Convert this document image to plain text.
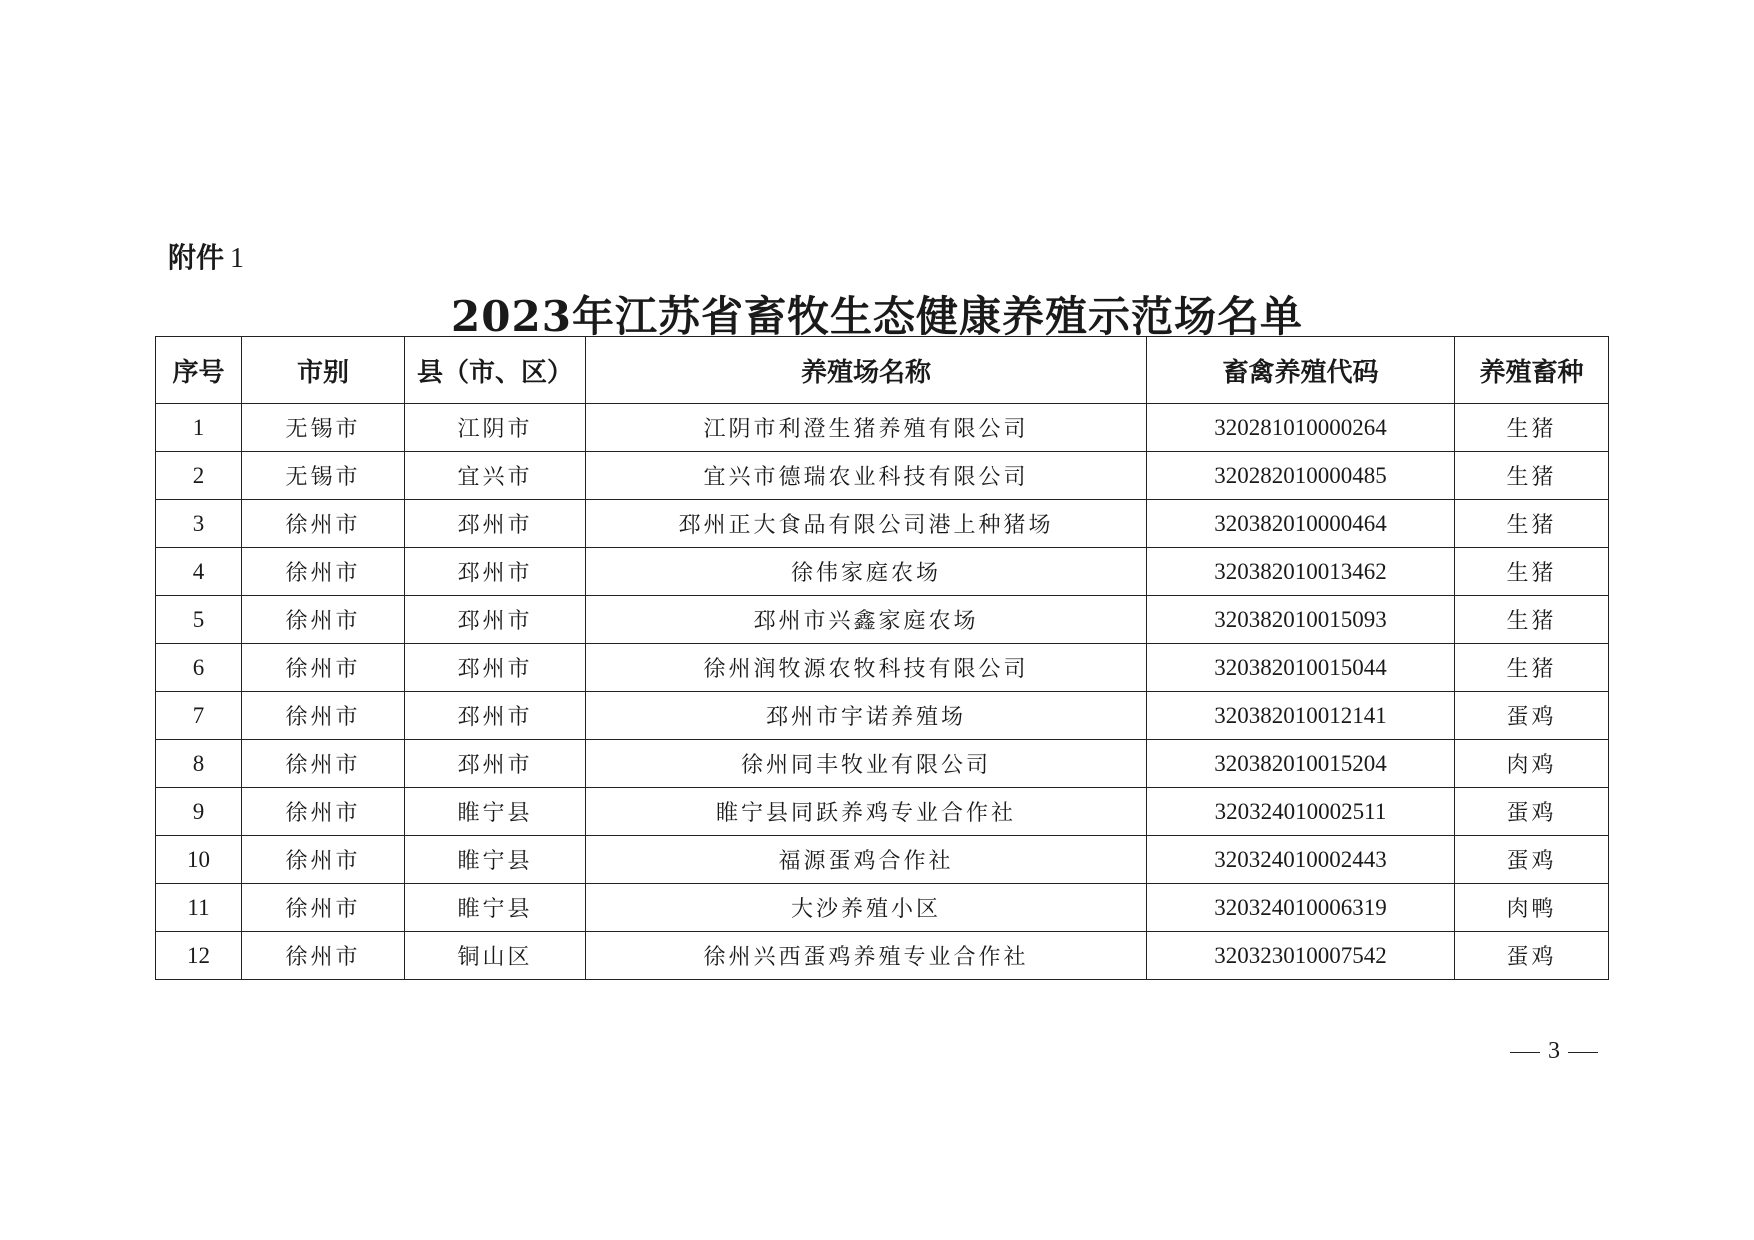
附件 1
2023年江苏省畜牧生态健康养殖示范场名单
序号	市别	县（市、区）	养殖场名称	畜禽养殖代码	养殖畜种
1	无锡市	江阴市	江阴市利澄生猪养殖有限公司	320281010000264	生猪
2	无锡市	宜兴市	宜兴市德瑞农业科技有限公司	320282010000485	生猪
3	徐州市	邳州市	邳州正大食品有限公司港上种猪场	320382010000464	生猪
4	徐州市	邳州市	徐伟家庭农场	320382010013462	生猪
5	徐州市	邳州市	邳州市兴鑫家庭农场	320382010015093	生猪
6	徐州市	邳州市	徐州润牧源农牧科技有限公司	320382010015044	生猪
7	徐州市	邳州市	邳州市宇诺养殖场	320382010012141	蛋鸡
8	徐州市	邳州市	徐州同丰牧业有限公司	320382010015204	肉鸡
9	徐州市	睢宁县	睢宁县同跃养鸡专业合作社	320324010002511	蛋鸡
10	徐州市	睢宁县	福源蛋鸡合作社	320324010002443	蛋鸡
11	徐州市	睢宁县	大沙养殖小区	320324010006319	肉鸭
12	徐州市	铜山区	徐州兴西蛋鸡养殖专业合作社	320323010007542	蛋鸡
3
